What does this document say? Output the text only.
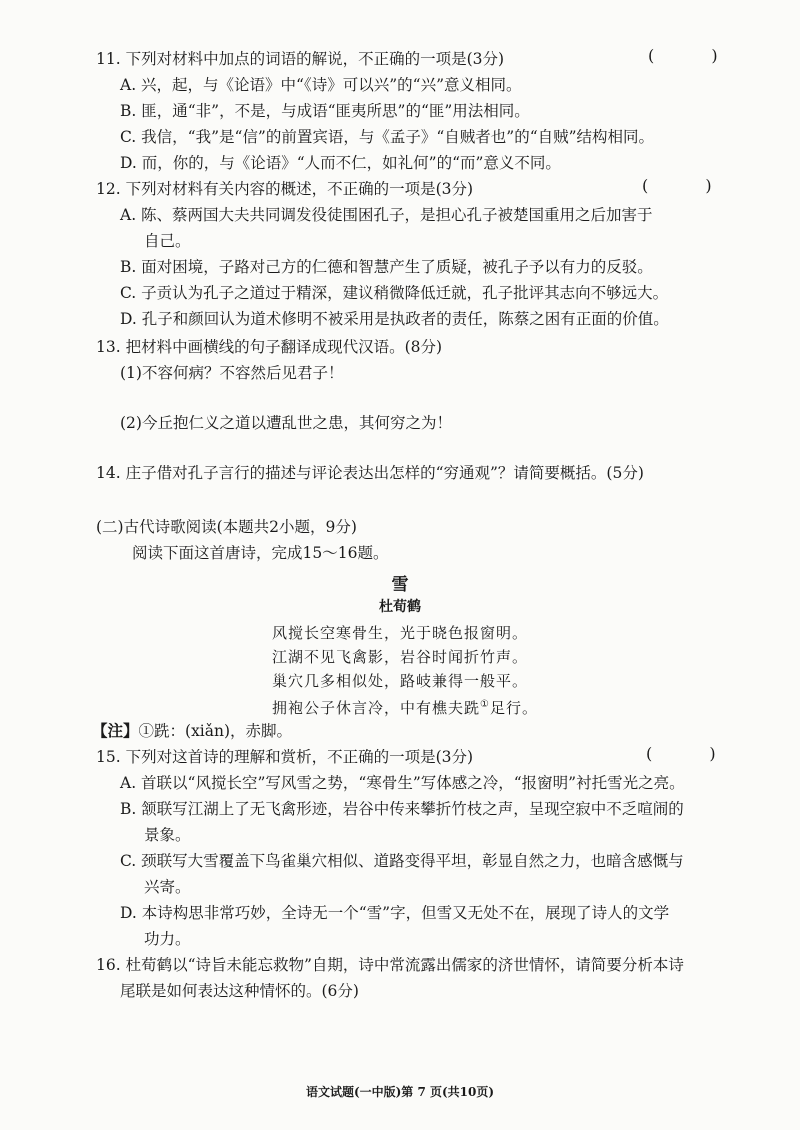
11. 下列对材料中加点的词语的解说，不正确的一项是(3分)	( )
A. 兴，起，与《论语》中“《诗》可以兴”的“兴”意义相同。
B. 匪，通“非”，不是，与成语“匪夷所思”的“匪”用法相同。
C. 我信，“我”是“信”的前置宾语，与《孟子》“自贼者也”的“自贼”结构相同。
D. 而，你的，与《论语》“人而不仁，如礼何”的“而”意义不同。
12. 下列对材料有关内容的概述，不正确的一项是(3分)	( )
A. 陈、蔡两国大夫共同调发役徒围困孔子，是担心孔子被楚国重用之后加害于
自己。
B. 面对困境，子路对己方的仁德和智慧产生了质疑，被孔子予以有力的反驳。
C. 子贡认为孔子之道过于精深，建议稍微降低迁就，孔子批评其志向不够远大。
D. 孔子和颜回认为道术修明不被采用是执政者的责任，陈蔡之困有正面的价值。
13. 把材料中画横线的句子翻译成现代汉语。(8分)
(1)不容何病？不容然后见君子！
(2)今丘抱仁义之道以遭乱世之患，其何穷之为！
14. 庄子借对孔子言行的描述与评论表达出怎样的“穷通观”？请简要概括。(5分)
(二)古代诗歌阅读(本题共2小题，9分)
阅读下面这首唐诗，完成15～16题。
雪
杜荀鹤
风搅长空寒骨生，光于晓色报窗明。
江湖不见飞禽影，岩谷时闻折竹声。
巢穴几多相似处，路岐兼得一般平。
拥袍公子休言冷，中有樵夫跣①足行。
【注】①跣：(xiǎn)，赤脚。
15. 下列对这首诗的理解和赏析，不正确的一项是(3分)	( )
A. 首联以“风搅长空”写风雪之势，“寒骨生”写体感之冷，“报窗明”衬托雪光之亮。
B. 颔联写江湖上了无飞禽形迹，岩谷中传来攀折竹枝之声，呈现空寂中不乏喧闹的
景象。
C. 颈联写大雪覆盖下鸟雀巢穴相似、道路变得平坦，彰显自然之力，也暗含感慨与
兴寄。
D. 本诗构思非常巧妙，全诗无一个“雪”字，但雪又无处不在，展现了诗人的文学
功力。
16. 杜荀鹤以“诗旨未能忘救物”自期，诗中常流露出儒家的济世情怀，请简要分析本诗
尾联是如何表达这种情怀的。(6分)
语文试题(一中版)第 7 页(共10页)
